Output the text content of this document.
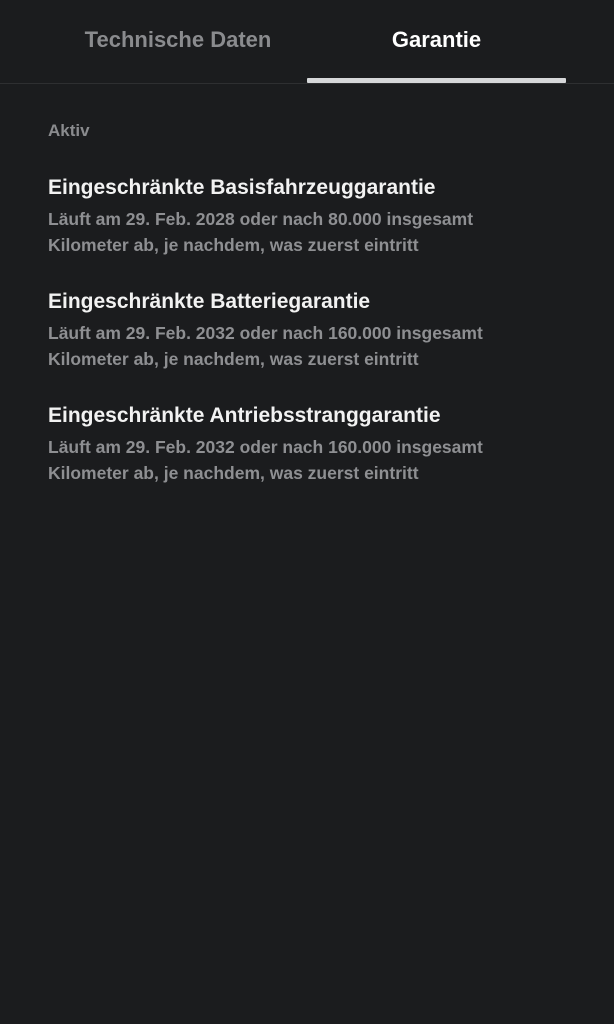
Technische Daten	Garantie
Aktiv
Eingeschränkte Basisfahrzeuggarantie
Läuft am 29. Feb. 2028 oder nach 80.000 insgesamt Kilometer ab, je nachdem, was zuerst eintritt
Eingeschränkte Batteriegarantie
Läuft am 29. Feb. 2032 oder nach 160.000 insgesamt Kilometer ab, je nachdem, was zuerst eintritt
Eingeschränkte Antriebsstranggarantie
Läuft am 29. Feb. 2032 oder nach 160.000 insgesamt Kilometer ab, je nachdem, was zuerst eintritt
